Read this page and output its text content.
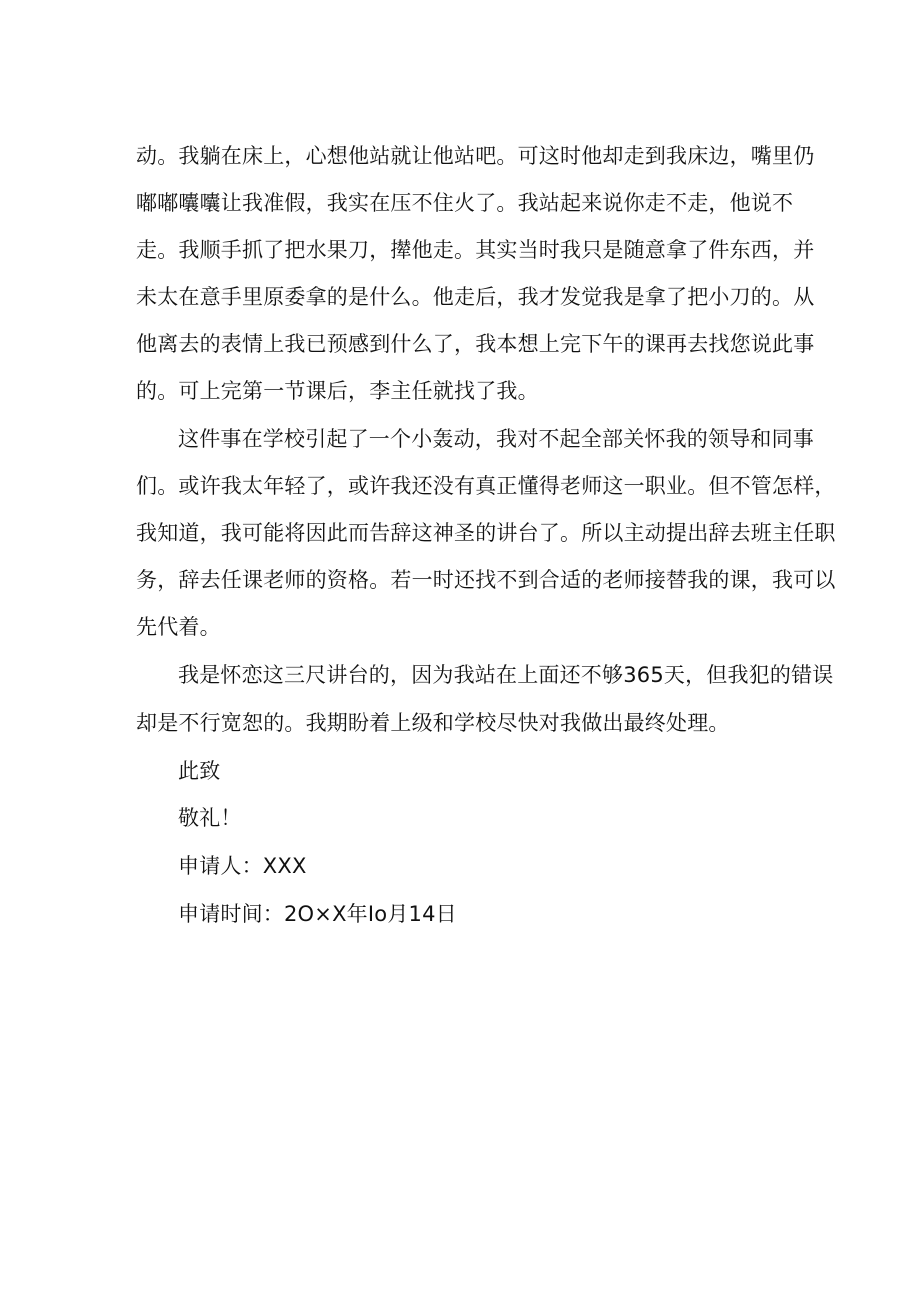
动。我躺在床上，心想他站就让他站吧。可这时他却走到我床边，嘴里仍
嘟嘟囔囔让我准假，我实在压不住火了。我站起来说你走不走，他说不
走。我顺手抓了把水果刀，撵他走。其实当时我只是随意拿了件东西，并
未太在意手里原委拿的是什么。他走后，我才发觉我是拿了把小刀的。从
他离去的表情上我已预感到什么了，我本想上完下午的课再去找您说此事
的。可上完第一节课后，李主任就找了我。
这件事在学校引起了一个小轰动，我对不起全部关怀我的领导和同事
们。或许我太年轻了，或许我还没有真正懂得老师这一职业。但不管怎样，
我知道，我可能将因此而告辞这神圣的讲台了。所以主动提出辞去班主任职
务，辞去任课老师的资格。若一时还找不到合适的老师接替我的课，我可以
先代着。
我是怀恋这三尺讲台的，因为我站在上面还不够365天，但我犯的错误
却是不行宽恕的。我期盼着上级和学校尽快对我做出最终处理。
此致
敬礼！
申请人：XXX
申请时间：2O×X年Io月14日
